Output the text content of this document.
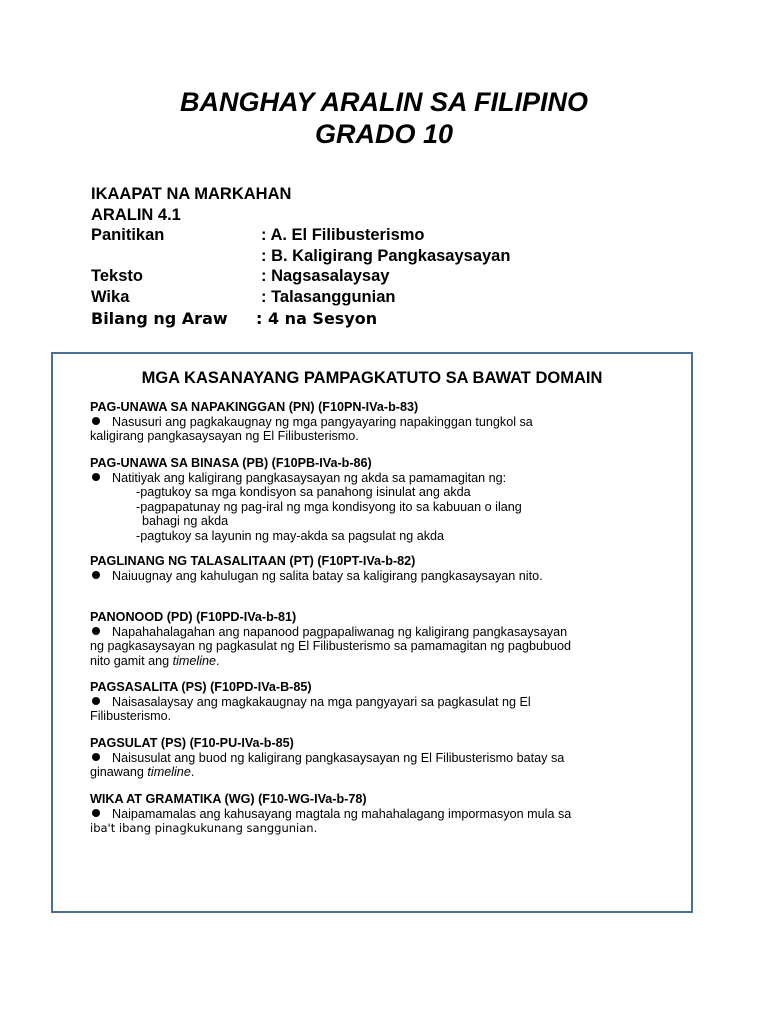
BANGHAY ARALIN SA FILIPINO
GRADO 10
IKAAPAT NA MARKAHAN
ARALIN 4.1
Panitikan	: A. El Filibusterismo
: B. Kaligirang Pangkasaysayan
Teksto	: Nagsasalaysay
Wika	: Talasanggunian
Bilang ng Araw : 4 na Sesyon
MGA KASANAYANG PAMPAGKATUTO SA BAWAT DOMAIN
PAG-UNAWA SA NAPAKINGGAN (PN) (F10PN-IVa-b-83)
Nasusuri ang pagkakaugnay ng mga pangyayaring napakinggan tungkol sa
kaligirang pangkasaysayan ng El Filibusterismo.
PAG-UNAWA SA BINASA (PB) (F10PB-IVa-b-86)
Natitiyak ang kaligirang pangkasaysayan ng akda sa pamamagitan ng:
-pagtukoy sa mga kondisyon sa panahong isinulat ang akda
-pagpapatunay ng pag-iral ng mga kondisyong ito sa kabuuan o ilang
bahagi ng akda
-pagtukoy sa layunin ng may-akda sa pagsulat ng akda
PAGLINANG NG TALASALITAAN (PT) (F10PT-IVa-b-82)
Naiuugnay ang kahulugan ng salita batay sa kaligirang pangkasaysayan nito.
PANONOOD (PD) (F10PD-IVa-b-81)
Napahahalagahan ang napanood pagpapaliwanag ng kaligirang pangkasaysayan
ng pagkasaysayan ng pagkasulat ng El Filibusterismo sa pamamagitan ng pagbubuod
nito gamit ang timeline.
PAGSASALITA (PS) (F10PD-IVa-B-85)
Naisasalaysay ang magkakaugnay na mga pangyayari sa pagkasulat ng El
Filibusterismo.
PAGSULAT (PS) (F10-PU-IVa-b-85)
Naisusulat ang buod ng kaligirang pangkasaysayan ng El Filibusterismo batay sa
ginawang timeline.
WIKA AT GRAMATIKA (WG) (F10-WG-IVa-b-78)
Naipamamalas ang kahusayang magtala ng mahahalagang impormasyon mula sa
iba't ibang pinagkukunang sanggunian.
